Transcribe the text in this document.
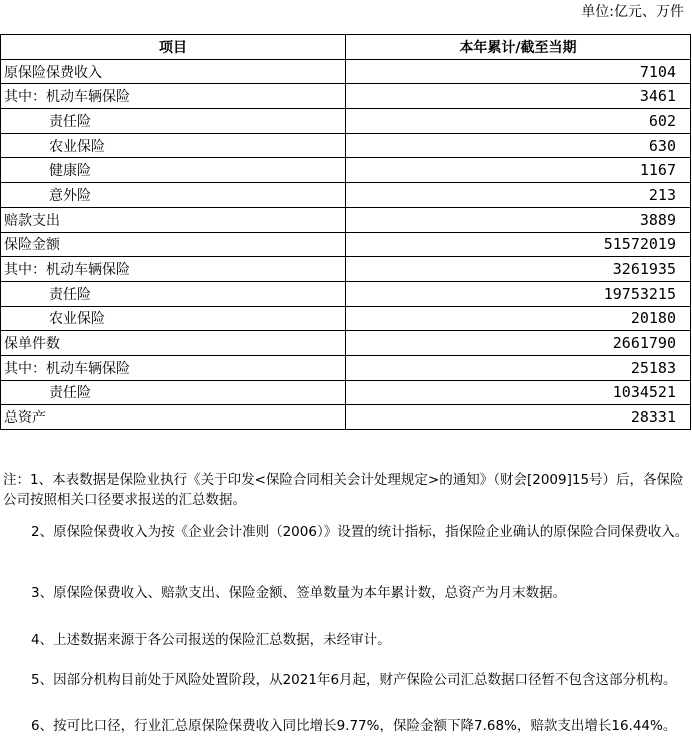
单位:亿元、万件
项目	本年累计/截至当期
原保险保费收入	7104
其中：机动车辆保险	3461
责任险	602
农业保险	630
健康险	1167
意外险	213
赔款支出	3889
保险金额	51572019
其中：机动车辆保险	3261935
责任险	19753215
农业保险	20180
保单件数	2661790
其中：机动车辆保险	25183
责任险	1034521
总资产	28331
注：1、本表数据是保险业执行《关于印发<保险合同相关会计处理规定>的通知》（财会[2009]15号）后，各保险公司按照相关口径要求报送的汇总数据。
2、原保险保费收入为按《企业会计准则（2006）》设置的统计指标，指保险企业确认的原保险合同保费收入。
3、原保险保费收入、赔款支出、保险金额、签单数量为本年累计数，总资产为月末数据。
4、上述数据来源于各公司报送的保险汇总数据，未经审计。
5、因部分机构目前处于风险处置阶段，从2021年6月起，财产保险公司汇总数据口径暂不包含这部分机构。
6、按可比口径，行业汇总原保险保费收入同比增长9.77%，保险金额下降7.68%，赔款支出增长16.44%。
